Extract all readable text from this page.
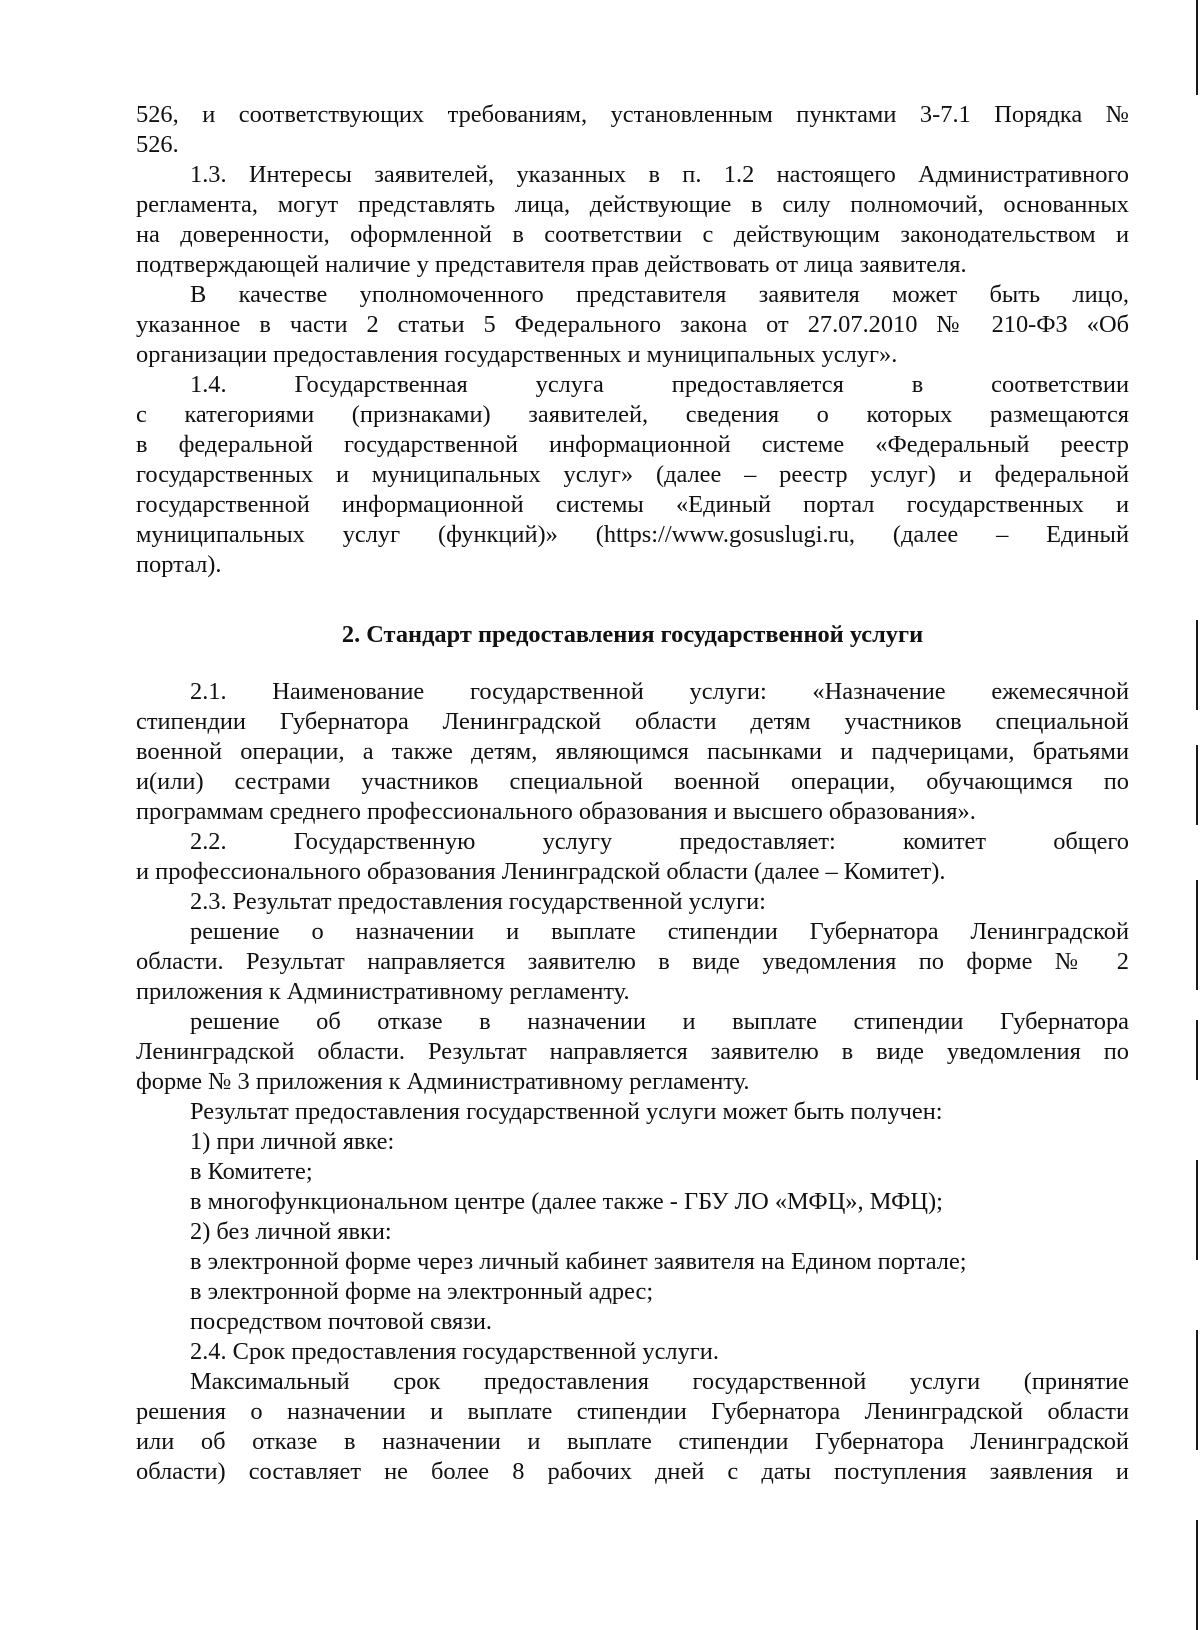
526, и соответствующих требованиям, установленным пунктами 3-7.1 Порядка №
526.
1.3. Интересы заявителей, указанных в п. 1.2 настоящего Административного
регламента, могут представлять лица, действующие в силу полномочий, основанных
на доверенности, оформленной в соответствии с действующим законодательством и
подтверждающей наличие у представителя прав действовать от лица заявителя.
В качестве уполномоченного представителя заявителя может быть лицо,
указанное в части 2 статьи 5 Федерального закона от 27.07.2010 № 210-ФЗ «Об
организации предоставления государственных и муниципальных услуг».
1.4. Государственная услуга предоставляется в соответствии
с категориями (признаками) заявителей, сведения о которых размещаются
в федеральной государственной информационной системе «Федеральный реестр
государственных и муниципальных услуг» (далее – реестр услуг) и федеральной
государственной информационной системы «Единый портал государственных и
муниципальных услуг (функций)» (https://www.gosuslugi.ru, (далее – Единый
портал).
2. Стандарт предоставления государственной услуги
2.1. Наименование государственной услуги: «Назначение ежемесячной
стипендии Губернатора Ленинградской области детям участников специальной
военной операции, а также детям, являющимся пасынками и падчерицами, братьями
и(или) сестрами участников специальной военной операции, обучающимся по
программам среднего профессионального образования и высшего образования».
2.2. Государственную услугу предоставляет: комитет общего
и профессионального образования Ленинградской области (далее – Комитет).
2.3. Результат предоставления государственной услуги:
решение о назначении и выплате стипендии Губернатора Ленинградской
области. Результат направляется заявителю в виде уведомления по форме № 2
приложения к Административному регламенту.
решение об отказе в назначении и выплате стипендии Губернатора
Ленинградской области. Результат направляется заявителю в виде уведомления по
форме № 3 приложения к Административному регламенту.
Результат предоставления государственной услуги может быть получен:
1) при личной явке:
в Комитете;
в многофункциональном центре (далее также - ГБУ ЛО «МФЦ», МФЦ);
2) без личной явки:
в электронной форме через личный кабинет заявителя на Едином портале;
в электронной форме на электронный адрес;
посредством почтовой связи.
2.4. Срок предоставления государственной услуги.
Максимальный срок предоставления государственной услуги (принятие
решения о назначении и выплате стипендии Губернатора Ленинградской области
или об отказе в назначении и выплате стипендии Губернатора Ленинградской
области) составляет не более 8 рабочих дней с даты поступления заявления и
